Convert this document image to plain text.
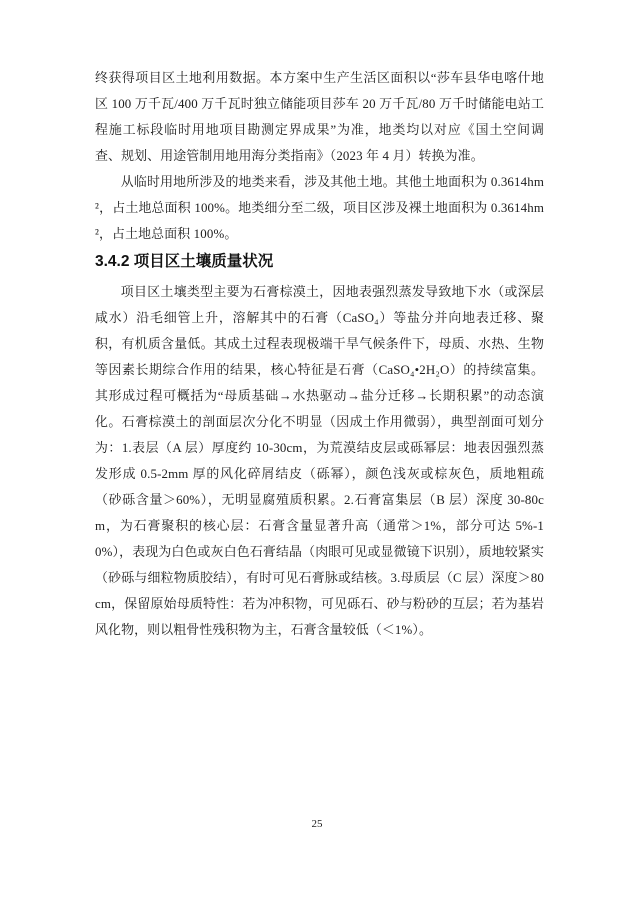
终获得项目区土地利用数据。本方案中生产生活区面积以“莎车县华电喀什地区 100 万千瓦/400 万千瓦时独立储能项目莎车 20 万千瓦/80 万千时储能电站工程施工标段临时用地项目勘测定界成果”为准，地类均以对应《国土空间调查、规划、用途管制用地用海分类指南》（2023 年 4 月）转换为准。

从临时用地所涉及的地类来看，涉及其他土地。其他土地面积为 0.3614hm²，占土地总面积 100%。地类细分至二级，项目区涉及裸土地面积为 0.3614hm²，占土地总面积 100%。

3.4.2 项目区土壤质量状况

项目区土壤类型主要为石膏棕漠土，因地表强烈蒸发导致地下水（或深层咸水）沿毛细管上升，溶解其中的石膏（CaSO₄）等盐分并向地表迁移、聚积，有机质含量低。其成土过程表现极端干旱气候条件下，母质、水热、生物等因素长期综合作用的结果，核心特征是石膏（CaSO₄•2H₂O）的持续富集。其形成过程可概括为“母质基础→水热驱动→盐分迁移→长期积累”的动态演化。石膏棕漠土的剖面层次分化不明显（因成土作用微弱），典型剖面可划分为：1.表层（A 层）厚度约 10-30cm，为荒漠结皮层或砾幂层：地表因强烈蒸发形成 0.5-2mm 厚的风化碎屑结皮（砾幂），颜色浅灰或棕灰色，质地粗疏（砂砾含量＞60%），无明显腐殖质积累。2.石膏富集层（B 层）深度 30-80cm，为石膏聚积的核心层：石膏含量显著升高（通常＞1%，部分可达 5%-10%），表现为白色或灰白色石膏结晶（肉眼可见或显微镜下识别），质地较紧实（砂砾与细粒物质胶结），有时可见石膏脉或结核。3.母质层（C 层）深度＞80cm，保留原始母质特性：若为冲积物，可见砾石、砂与粉砂的互层；若为基岩风化物，则以粗骨性残积物为主，石膏含量较低（＜1%）。

25
